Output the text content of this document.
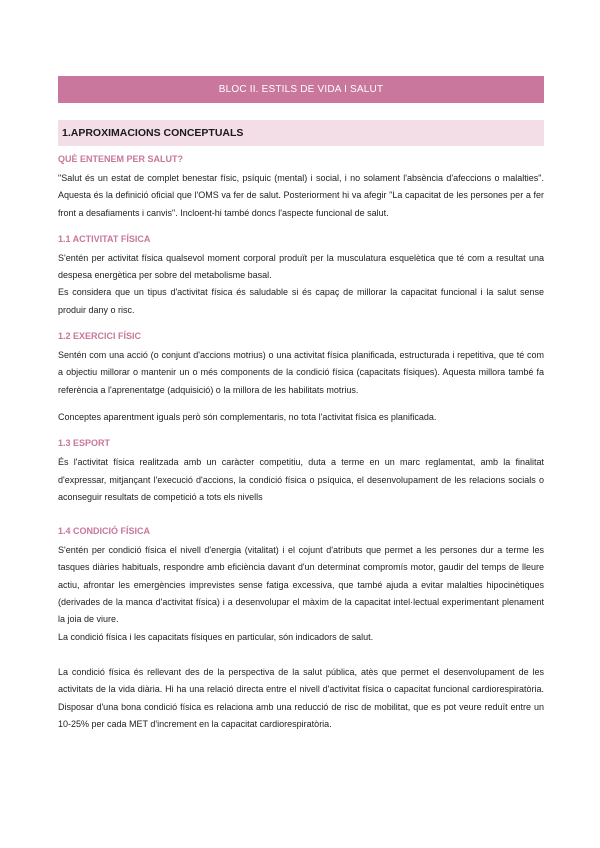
BLOC II. ESTILS DE VIDA I SALUT
1.APROXIMACIONS CONCEPTUALS
QUÈ ENTENEM PER SALUT?

"Salut és un estat de complet benestar físic, psíquic (mental) i social, i no solament l'absència d'afeccions o malalties". Aquesta és la definició oficial que l'OMS va fer de salut. Posteriorment hi va afegir "La capacitat de les persones per a fer front a desafiaments i canvis". Incloent-hi també doncs l'aspecte funcional de salut.

1.1 ACTIVITAT FÍSICA

S'entén per activitat física qualsevol moment corporal produït per la musculatura esquelètica que té com a resultat una despesa energètica per sobre del metabolisme basal.

Es considera que un tipus d'activitat física és saludable si és capaç de millorar la capacitat funcional i la salut sense produir dany o risc.

1.2 EXERCICI FÍSIC

Sentén com una acció (o conjunt d'accions motrius) o una activitat física planificada, estructurada i repetitiva, que té com a objectiu millorar o mantenir un o més components de la condició física (capacitats físiques). Aquesta millora també fa referència a l'aprenentatge (adquisició) o la millora de les habilitats motrius.

Conceptes aparentment iguals però són complementaris, no tota l'activitat física es planificada.

1.3 ESPORT

És l'activitat física realitzada amb un caràcter competitiu, duta a terme en un marc reglamentat, amb la finalitat d'expressar, mitjançant l'execució d'accions, la condició física o psíquica, el desenvolupament de les relacions socials o aconseguir resultats de competició a tots els nivells

1.4 CONDICIÓ FÍSICA

S'entén per condició física el nivell d'energia (vitalitat) i el cojunt d'atributs que permet a les persones dur a terme les tasques diàries habituals, respondre amb eficiència davant d'un determinat compromís motor, gaudir del temps de lleure actiu, afrontar les emergències imprevistes sense fatiga excessiva, que també ajuda a evitar malalties hipocinètiques (derivades de la manca d'activitat física) i a desenvolupar el màxim de la capacitat intel·lectual experimentant plenament la joia de viure.

La condició física i les capacitats físiques en particular, són indicadors de salut.

La condició física és rellevant des de la perspectiva de la salut pública, atès que permet el desenvolupament de les activitats de la vida diària. Hi ha una relació directa entre el nivell d'activitat física o capacitat funcional cardiorespiratòria. Disposar d'una bona condició física es relaciona amb una reducció de risc de mobilitat, que es pot veure reduït entre un 10-25% per cada MET d'increment en la capacitat cardiorespiratòria.
